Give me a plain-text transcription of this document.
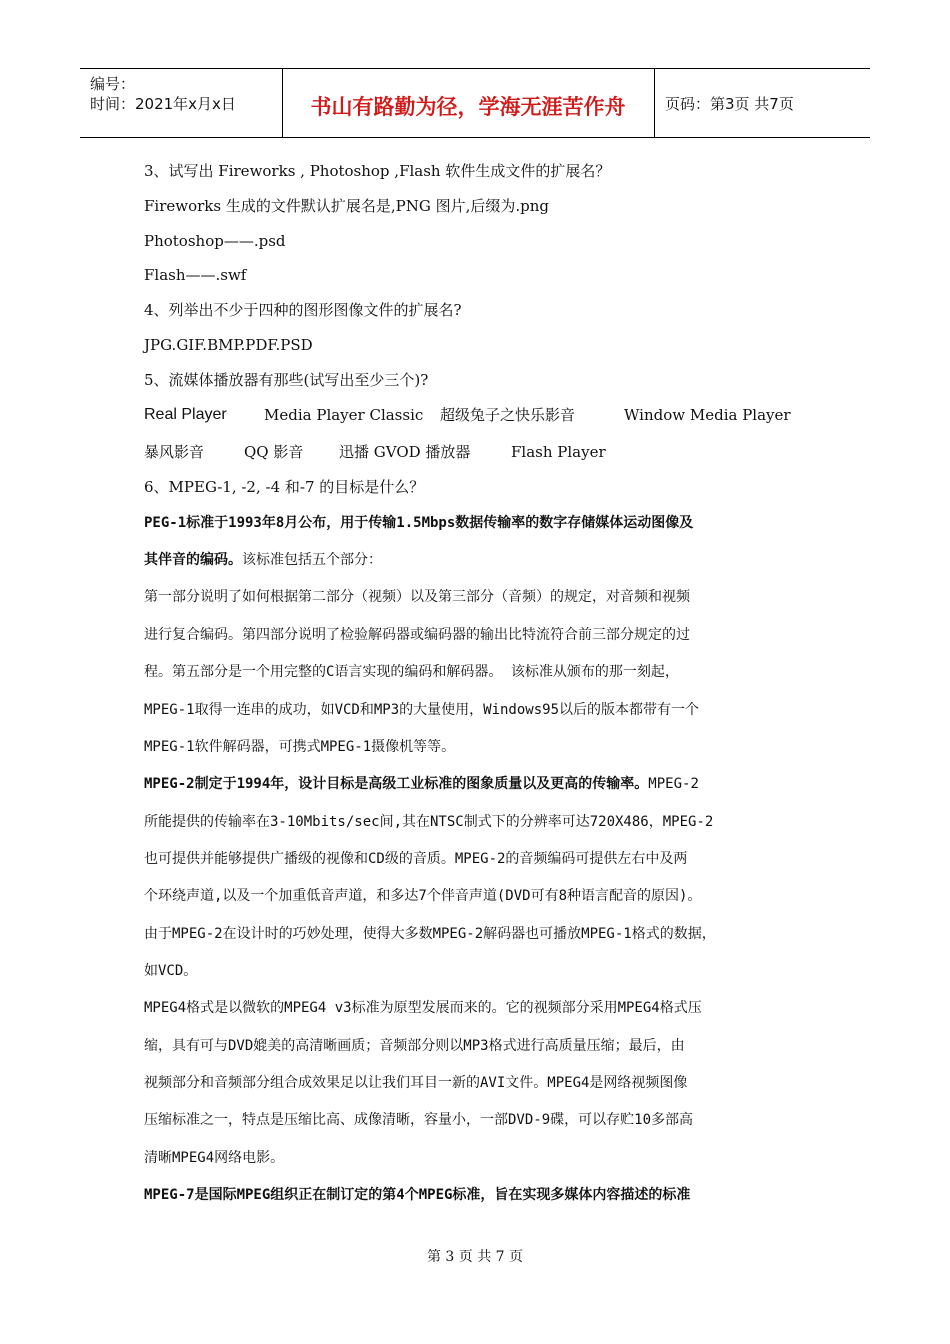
编号：
时间：2021年x月x日	书山有路勤为径，学海无涯苦作舟	页码：第3页 共7页
3、试写出 Fireworks , Photoshop ,Flash 软件生成文件的扩展名？
Fireworks 生成的文件默认扩展名是,PNG 图片,后缀为.png
Photoshop——.psd
Flash——.swf
4、列举出不少于四种的图形图像文件的扩展名?
JPG.GIF.BMP.PDF.PSD
5、流媒体播放器有那些(试写出至少三个)?
Real Player Media Player Classic 超级兔子之快乐影音	Window Media Player
暴风影音	QQ 影音 迅播 GVOD 播放器	Flash Player
6、MPEG-1, -2, -4 和-7 的目标是什么？
PEG-1标准于1993年8月公布，用于传输1.5Mbps数据传输率的数字存储媒体运动图像及
其伴音的编码。该标准包括五个部分：
第一部分说明了如何根据第二部分（视频）以及第三部分（音频）的规定，对音频和视频
进行复合编码。第四部分说明了检验解码器或编码器的输出比特流符合前三部分规定的过
程。第五部分是一个用完整的C语言实现的编码和解码器。 该标准从颁布的那一刻起，
MPEG-1取得一连串的成功，如VCD和MP3的大量使用，Windows95以后的版本都带有一个
MPEG-1软件解码器，可携式MPEG-1摄像机等等。
MPEG-2制定于1994年，设计目标是高级工业标准的图象质量以及更高的传输率。MPEG-2
所能提供的传输率在3-10Mbits/sec间,其在NTSC制式下的分辨率可达720X486，MPEG-2
也可提供并能够提供广播级的视像和CD级的音质。MPEG-2的音频编码可提供左右中及两
个环绕声道,以及一个加重低音声道，和多达7个伴音声道(DVD可有8种语言配音的原因)。
由于MPEG-2在设计时的巧妙处理，使得大多数MPEG-2解码器也可播放MPEG-1格式的数据，
如VCD。
MPEG4格式是以微软的MPEG4 v3标准为原型发展而来的。它的视频部分采用MPEG4格式压
缩，具有可与DVD媲美的高清晰画质；音频部分则以MP3格式进行高质量压缩；最后，由
视频部分和音频部分组合成效果足以让我们耳目一新的AVI文件。MPEG4是网络视频图像
压缩标准之一，特点是压缩比高、成像清晰，容量小，一部DVD-9碟，可以存贮10多部高
清晰MPEG4网络电影。
MPEG-7是国际MPEG组织正在制订定的第4个MPEG标准，旨在实现多媒体内容描述的标准
第 3 页 共 7 页
